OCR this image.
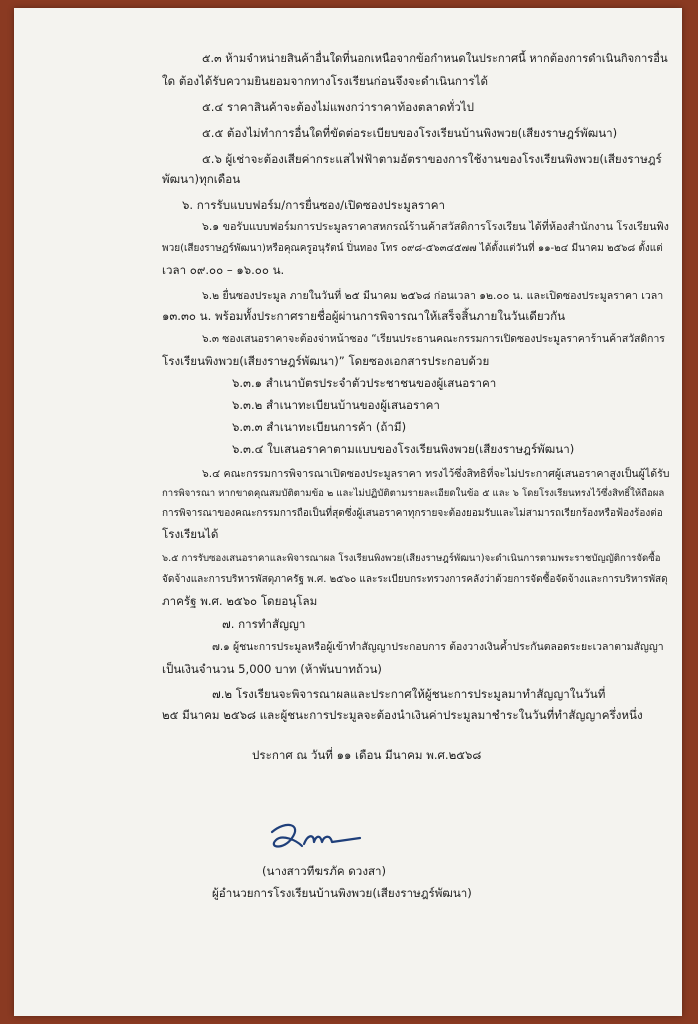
๕.๓ ห้ามจำหน่ายสินค้าอื่นใดที่นอกเหนือจากข้อกำหนดในประกาศนี้ หากต้องการดำเนินกิจการอื่น
ใด ต้องได้รับความยินยอมจากทางโรงเรียนก่อนจึงจะดำเนินการได้
๕.๔ ราคาสินค้าจะต้องไม่แพงกว่าราคาท้องตลาดทั่วไป
๕.๕ ต้องไม่ทำการอื่นใดที่ขัดต่อระเบียบของโรงเรียนบ้านพิงพวย(เสียงราษฎร์พัฒนา)
๕.๖ ผู้เช่าจะต้องเสียค่ากระแสไฟฟ้าตามอัตราของการใช้งานของโรงเรียนพิงพวย(เสียงราษฎร์
พัฒนา)ทุกเดือน
๖. การรับแบบฟอร์ม/การยื่นซอง/เปิดซองประมูลราคา
๖.๑ ขอรับแบบฟอร์มการประมูลราคาสหกรณ์ร้านค้าสวัสดิการโรงเรียน ได้ที่ห้องสำนักงาน โรงเรียนพิง
พวย(เสียงราษฎร์พัฒนา)หรือคุณครูอนุรัตน์ ปิ่นทอง โทร ๐๙๘-๕๖๓๔๕๗๗ ได้ตั้งแต่วันที่ ๑๑-๒๔ มีนาคม ๒๕๖๘ ตั้งแต่
เวลา ๐๙.๐๐ – ๑๖.๐๐ น.
๖.๒ ยื่นซองประมูล ภายในวันที่ ๒๕ มีนาคม ๒๕๖๘ ก่อนเวลา ๑๒.๐๐ น. และเปิดซองประมูลราคา เวลา
๑๓.๓๐ น. พร้อมทั้งประกาศรายชื่อผู้ผ่านการพิจารณาให้เสร็จสิ้นภายในวันเดียวกัน
๖.๓ ซองเสนอราคาจะต้องจ่าหน้าซอง “เรียนประธานคณะกรรมการเปิดซองประมูลราคาร้านค้าสวัสดิการ
โรงเรียนพิงพวย(เสียงราษฎร์พัฒนา)” โดยซองเอกสารประกอบด้วย
๖.๓.๑ สำเนาบัตรประจำตัวประชาชนของผู้เสนอราคา
๖.๓.๒ สำเนาทะเบียนบ้านของผู้เสนอราคา
๖.๓.๓ สำเนาทะเบียนการค้า (ถ้ามี)
๖.๓.๔ ใบเสนอราคาตามแบบของโรงเรียนพิงพวย(เสียงราษฎร์พัฒนา)
๖.๔ คณะกรรมการพิจารณาเปิดซองประมูลราคา ทรงไว้ซึ่งสิทธิที่จะไม่ประกาศผู้เสนอราคาสูงเป็นผู้ได้รับ
การพิจารณา หากขาดคุณสมบัติตามข้อ ๒ และไม่ปฏิบัติตามรายละเอียดในข้อ ๕ และ ๖ โดยโรงเรียนทรงไว้ซึ่งสิทธิ์ให้ถือผล
การพิจารณาของคณะกรรมการถือเป็นที่สุดซึ่งผู้เสนอราคาทุกรายจะต้องยอมรับและไม่สามารถเรียกร้องหรือฟ้องร้องต่อ
โรงเรียนได้
๖.๕ การรับซองเสนอราคาและพิจารณาผล โรงเรียนพิงพวย(เสียงราษฎร์พัฒนา)จะดำเนินการตามพระราชบัญญัติการจัดซื้อ
จัดจ้างและการบริหารพัสดุภาครัฐ พ.ศ. ๒๕๖๐ และระเบียบกระทรวงการคลังว่าด้วยการจัดซื้อจัดจ้างและการบริหารพัสดุ
ภาครัฐ พ.ศ. ๒๕๖๐ โดยอนุโลม
๗. การทำสัญญา
๗.๑ ผู้ชนะการประมูลหรือผู้เข้าทำสัญญาประกอบการ ต้องวางเงินค้ำประกันตลอดระยะเวลาตามสัญญา
เป็นเงินจำนวน 5,000 บาท (ห้าพันบาทถ้วน)
๗.๒ โรงเรียนจะพิจารณาผลและประกาศให้ผู้ชนะการประมูลมาทำสัญญาในวันที่
๒๕ มีนาคม ๒๕๖๘ และผู้ชนะการประมูลจะต้องนำเงินค่าประมูลมาชำระในวันที่ทำสัญญาครึ่งหนึ่ง
ประกาศ ณ วันที่ ๑๑ เดือน มีนาคม พ.ศ.๒๕๖๘
(นางสาวทีฆรภัค ดวงสา)
ผู้อำนวยการโรงเรียนบ้านพิงพวย(เสียงราษฎร์พัฒนา)
